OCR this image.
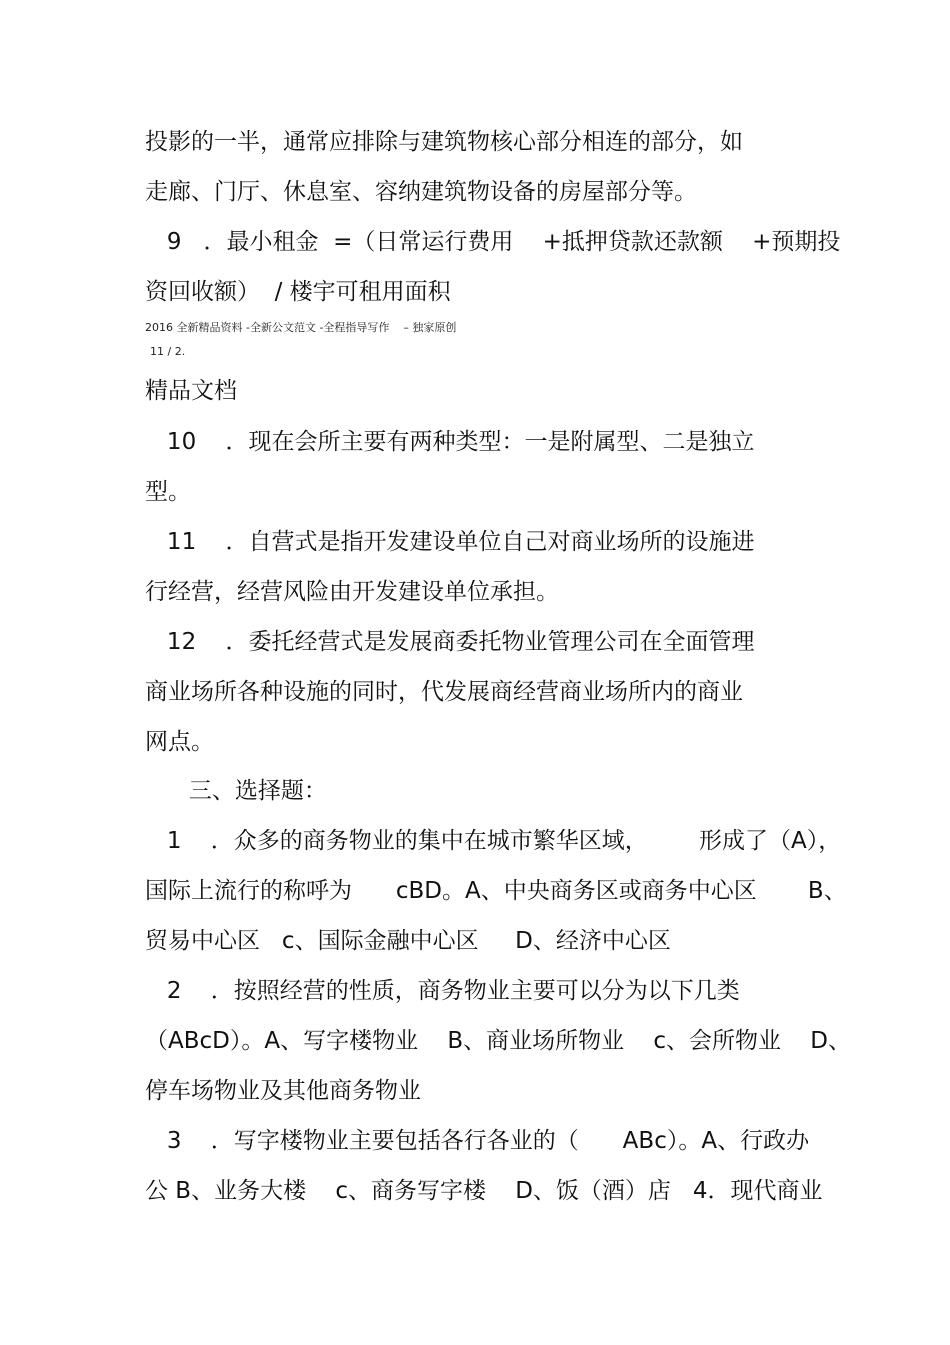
投影的一半，通常应排除与建筑物核心部分相连的部分，如
走廊、门厅、休息室、容纳建筑物设备的房屋部分等。
9   ．最小租金  =（日常运行费用    +抵押贷款还款额    +预期投
资回收额）  / 楼宇可租用面积
2016 全新精品资料 -全新公文范文 -全程指导写作    – 独家原创
11 / 2.
精品文档
10    ．现在会所主要有两种类型：一是附属型、二是独立
型。
11    ．自营式是指开发建设单位自己对商业场所的设施进
行经营，经营风险由开发建设单位承担。
12    ．委托经营式是发展商委托物业管理公司在全面管理
商业场所各种设施的同时，代发展商经营商业场所内的商业
网点。
三、选择题：
1    ．众多的商务物业的集中在城市繁华区域，       形成了（A），
国际上流行的称呼为      cBD。A、中央商务区或商务中心区       B、
贸易中心区   c、国际金融中心区     D、经济中心区
2    ．按照经营的性质，商务物业主要可以分为以下几类
（ABcD）。A、写字楼物业    B、商业场所物业    c、会所物业    D、
停车场物业及其他商务物业
3    ．写字楼物业主要包括各行各业的（      ABc）。A、行政办
公 B、业务大楼    c、商务写字楼    D、饭（酒）店   4．现代商业
